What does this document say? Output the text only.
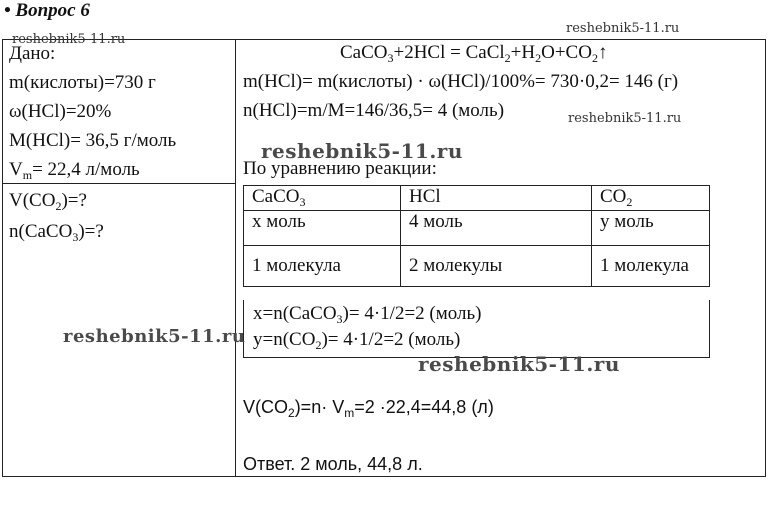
• Вопрос 6
Дано:
m(кислоты)=730 г
ω(HCl)=20%
M(HCl)= 36,5 г/моль
$V_m= 22,4$ л/моль
$V(CO_2)=$?
n(CaCO$_3$)=?
CaCO$_3$+2HCl = $CaCl_2+H_2O+CO_2↑$
m(HCl)= m(кислоты) · ω(HCl)/100%= 730·0,2= 146 (г)
n(HCl)=m/M=146/36,5= 4 (моль)
По уравнению реакции:
CaCO$_3$	HCl	$CO_2$
х моль	4 моль	у моль
1 молекула	2 молекулы	1 молекула
х=n(CaCO$_3$)= 4·1/2=2 (моль)
$у=n(CO_2)= 4\cdot 1/2=2$ (моль)
$V(CO_2)=n\cdot V_m=2 \cdot 22,4=44,8$ (л)
Ответ. 2 моль, 44,8 л.
reshebnik5-11.ru
reshebnik5-11.ru
reshebnik5-11.ru
reshebnik5-11.ru
reshebnik5-11.ru
reshebnik5-11.ru
